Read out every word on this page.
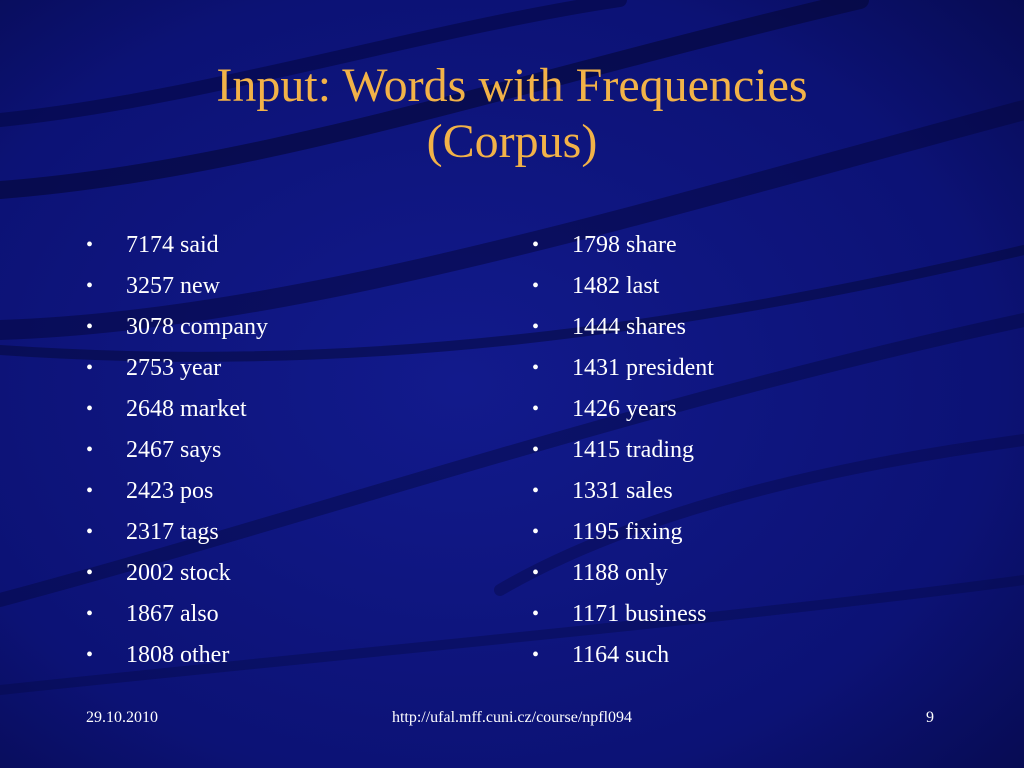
Input: Words with Frequencies
(Corpus)
• 7174 said
• 3257 new
• 3078 company
• 2753 year
• 2648 market
• 2467 says
• 2423 pos
• 2317 tags
• 2002 stock
• 1867 also
• 1808 other
• 1798 share
• 1482 last
• 1444 shares
• 1431 president
• 1426 years
• 1415 trading
• 1331 sales
• 1195 fixing
• 1188 only
• 1171 business
• 1164 such
29.10.2010	http://ufal.mff.cuni.cz/course/npfl094	9
